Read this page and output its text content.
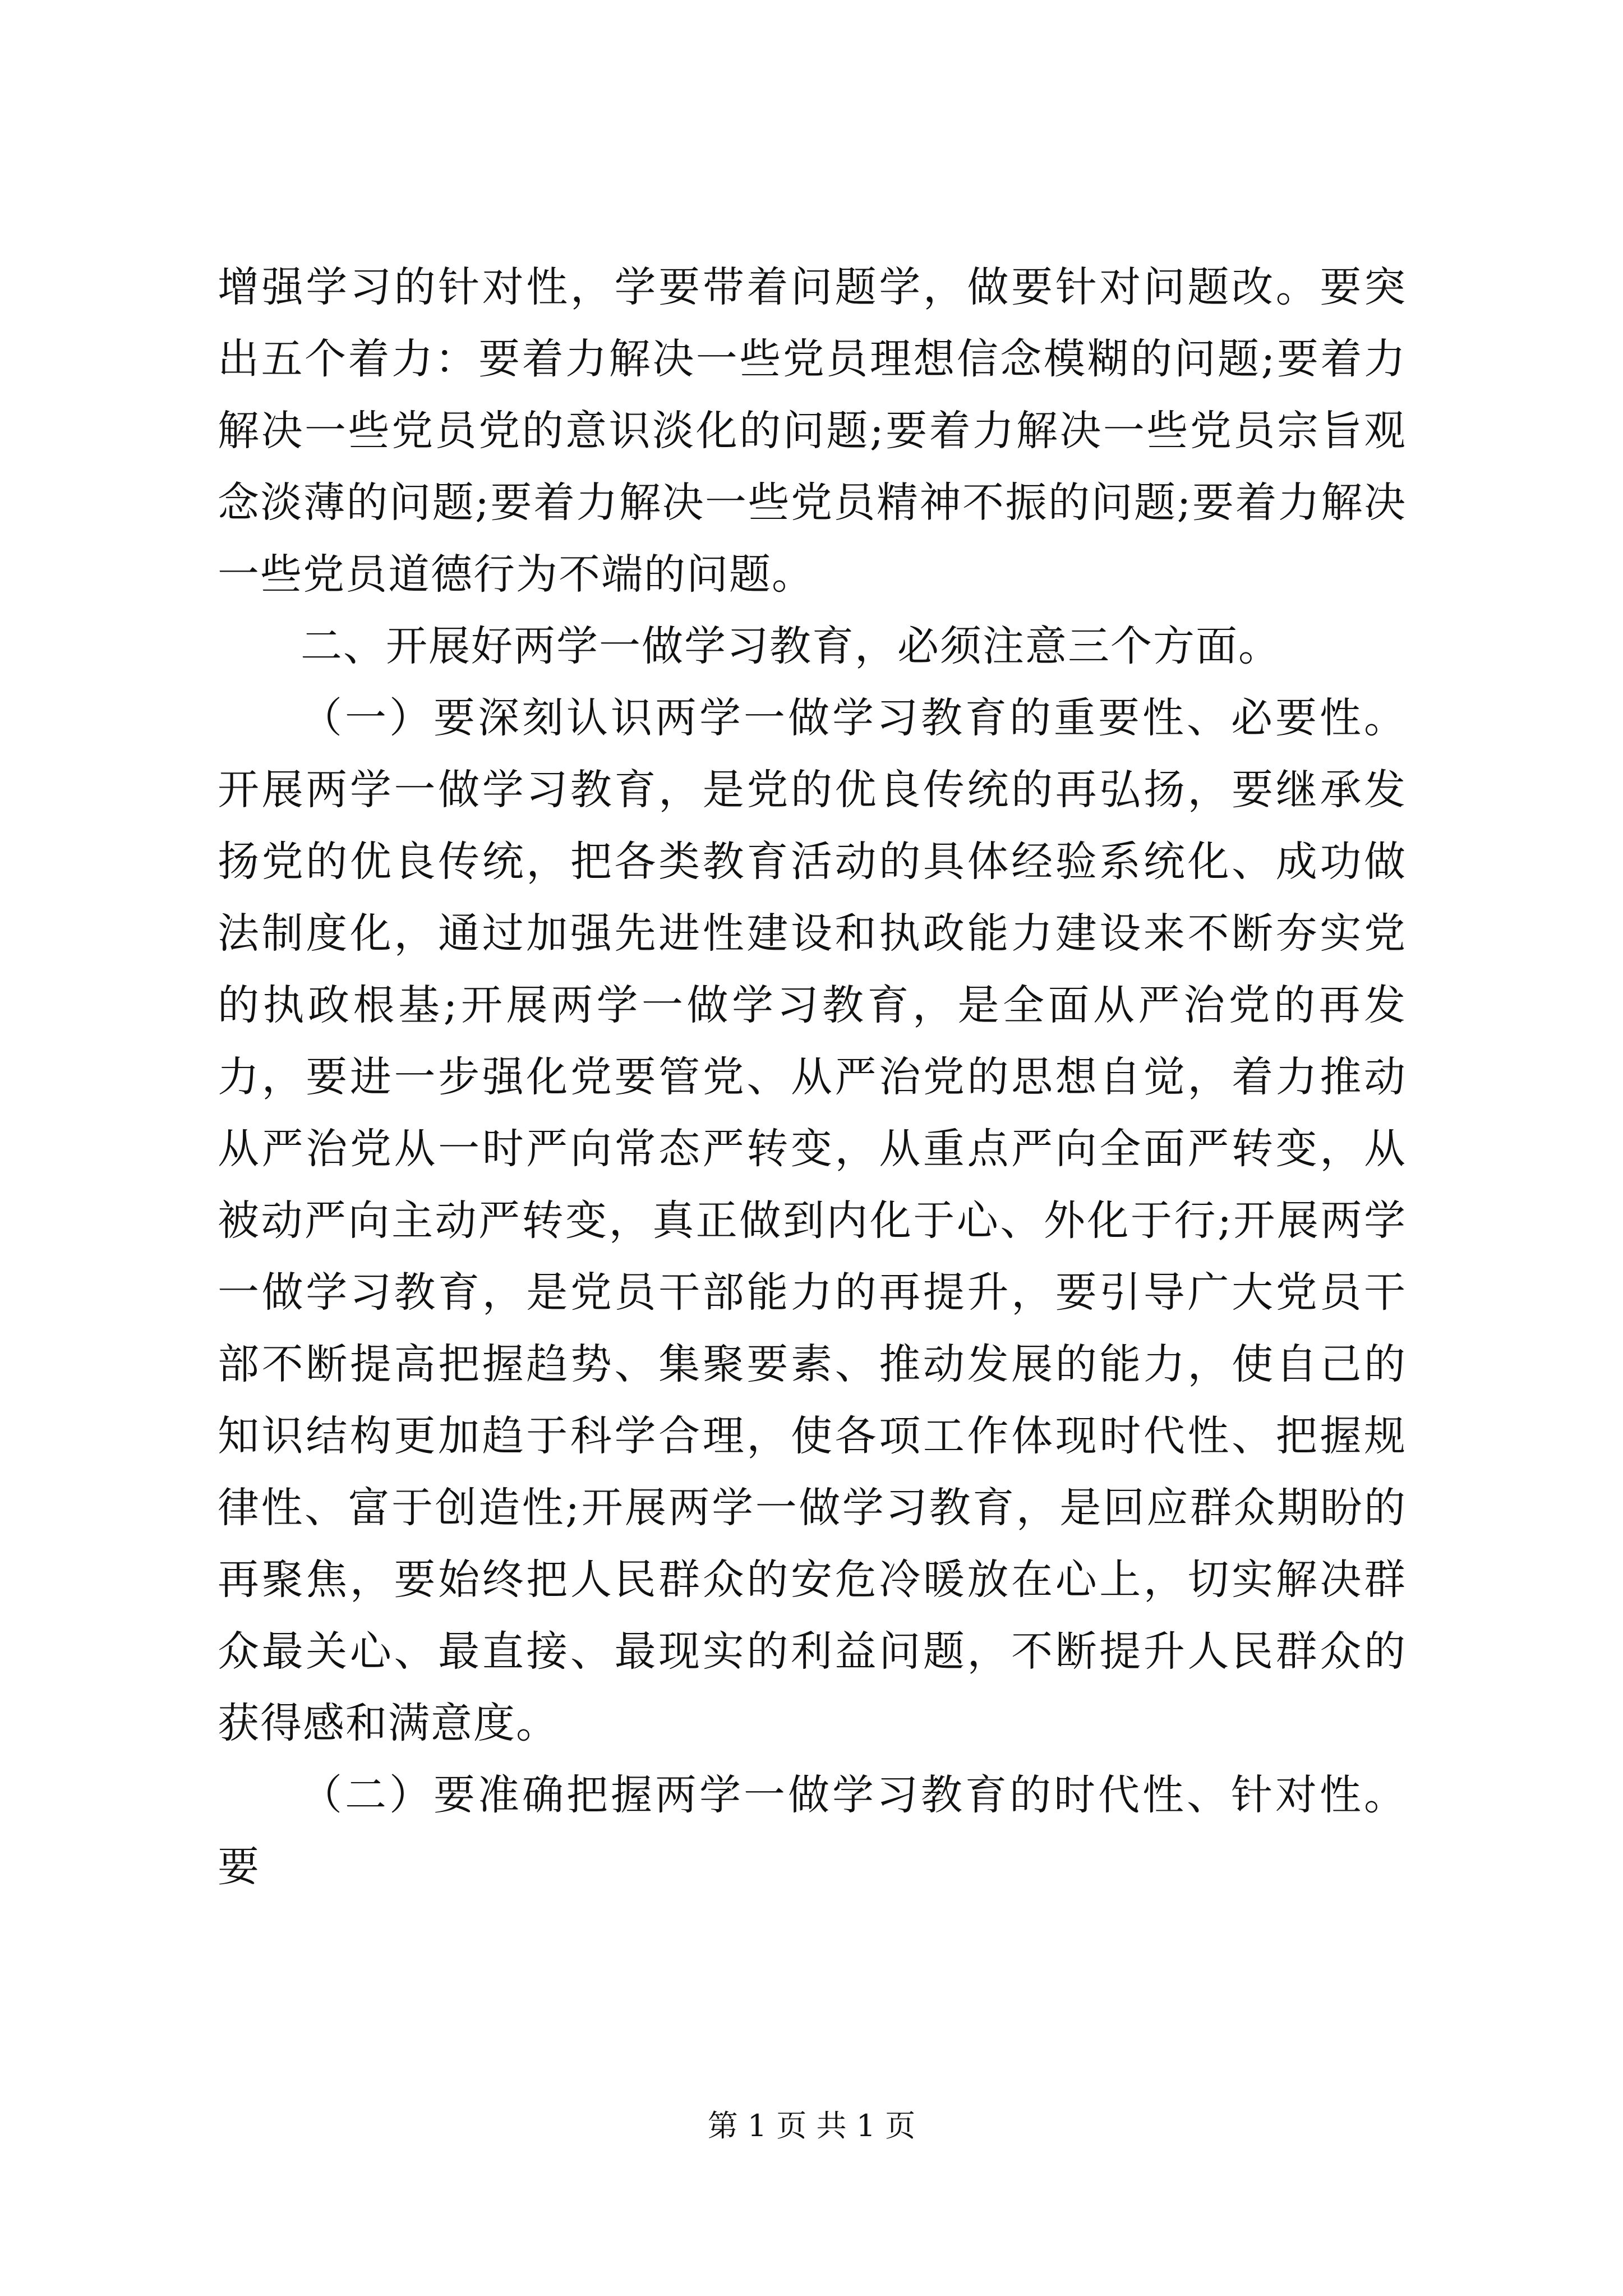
增强学习的针对性，学要带着问题学，做要针对问题改。要突出五个着力：要着力解决一些党员理想信念模糊的问题;要着力解决一些党员党的意识淡化的问题;要着力解决一些党员宗旨观念淡薄的问题;要着力解决一些党员精神不振的问题;要着力解决一些党员道德行为不端的问题。

二、开展好两学一做学习教育，必须注意三个方面。

（一）要深刻认识两学一做学习教育的重要性、必要性。开展两学一做学习教育，是党的优良传统的再弘扬，要继承发扬党的优良传统，把各类教育活动的具体经验系统化、成功做法制度化，通过加强先进性建设和执政能力建设来不断夯实党的执政根基;开展两学一做学习教育，是全面从严治党的再发力，要进一步强化党要管党、从严治党的思想自觉，着力推动从严治党从一时严向常态严转变，从重点严向全面严转变，从被动严向主动严转变，真正做到内化于心、外化于行;开展两学一做学习教育，是党员干部能力的再提升，要引导广大党员干部不断提高把握趋势、集聚要素、推动发展的能力，使自己的知识结构更加趋于科学合理，使各项工作体现时代性、把握规律性、富于创造性;开展两学一做学习教育，是回应群众期盼的再聚焦，要始终把人民群众的安危冷暖放在心上，切实解决群众最关心、最直接、最现实的利益问题，不断提升人民群众的获得感和满意度。

（二）要准确把握两学一做学习教育的时代性、针对性。要

第 1 页 共 1 页
